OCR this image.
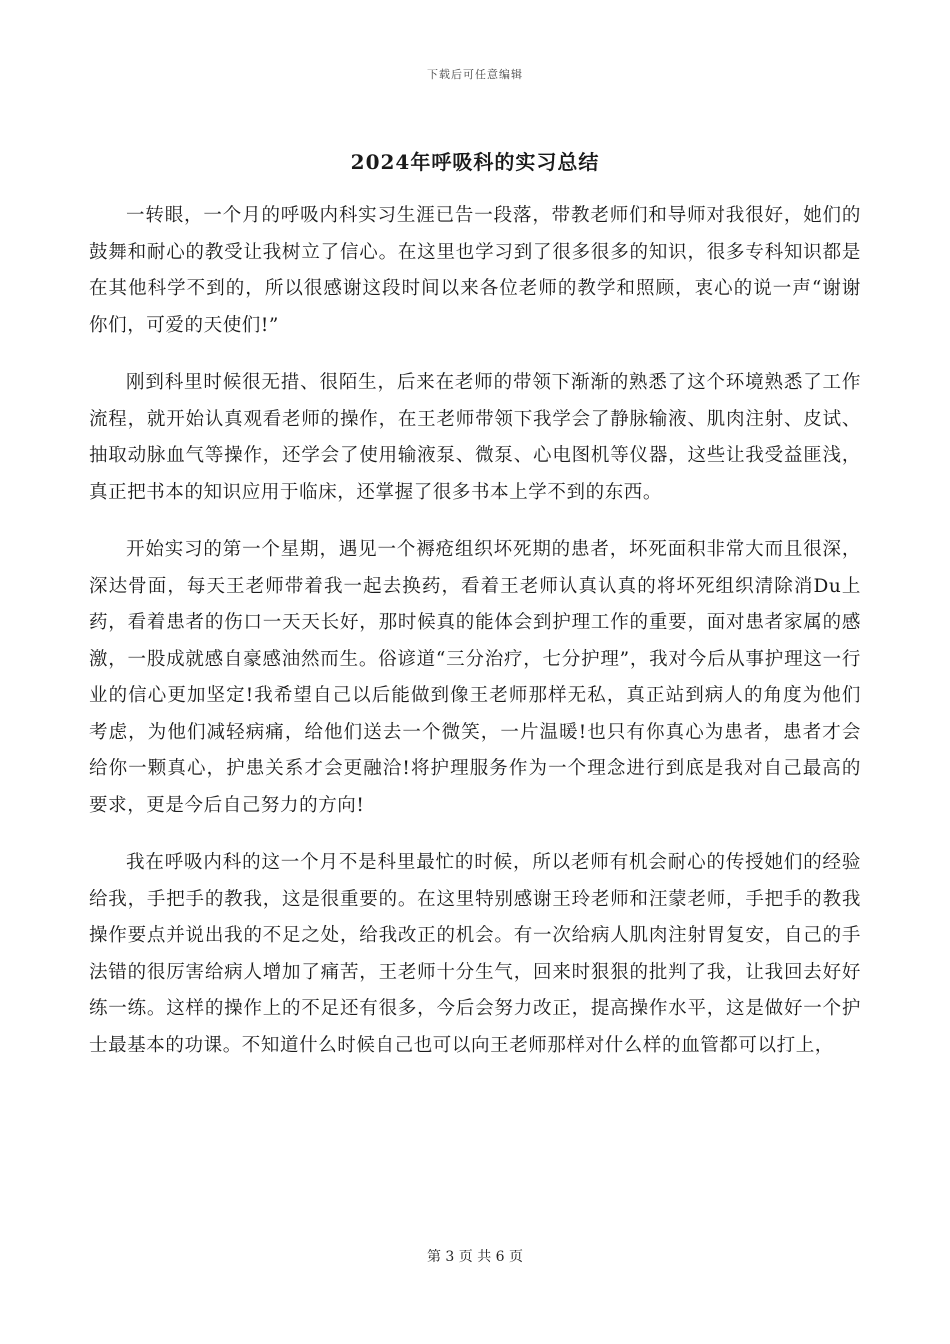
下载后可任意编辑
2024年呼吸科的实习总结

一转眼，一个月的呼吸内科实习生涯已告一段落，带教老师们和导师对我很好，她们的鼓舞和耐心的教受让我树立了信心。在这里也学习到了很多很多的知识，很多专科知识都是在其他科学不到的，所以很感谢这段时间以来各位老师的教学和照顾，衷心的说一声“谢谢你们，可爱的天使们!”

刚到科里时候很无措、很陌生，后来在老师的带领下渐渐的熟悉了这个环境熟悉了工作流程，就开始认真观看老师的操作，在王老师带领下我学会了静脉输液、肌肉注射、皮试、抽取动脉血气等操作，还学会了使用输液泵、微泵、心电图机等仪器，这些让我受益匪浅，真正把书本的知识应用于临床，还掌握了很多书本上学不到的东西。

开始实习的第一个星期，遇见一个褥疮组织坏死期的患者，坏死面积非常大而且很深，深达骨面，每天王老师带着我一起去换药，看着王老师认真认真的将坏死组织清除消Du上药，看着患者的伤口一天天长好，那时候真的能体会到护理工作的重要，面对患者家属的感激，一股成就感自豪感油然而生。俗谚道“三分治疗，七分护理”，我对今后从事护理这一行业的信心更加坚定!我希望自己以后能做到像王老师那样无私，真正站到病人的角度为他们考虑，为他们减轻病痛，给他们送去一个微笑，一片温暖!也只有你真心为患者，患者才会给你一颗真心，护患关系才会更融洽!将护理服务作为一个理念进行到底是我对自己最高的要求，更是今后自己努力的方向!

我在呼吸内科的这一个月不是科里最忙的时候，所以老师有机会耐心的传授她们的经验给我，手把手的教我，这是很重要的。在这里特别感谢王玲老师和汪蒙老师，手把手的教我操作要点并说出我的不足之处，给我改正的机会。有一次给病人肌肉注射胃复安，自己的手法错的很厉害给病人增加了痛苦，王老师十分生气，回来时狠狠的批判了我，让我回去好好练一练。这样的操作上的不足还有很多，今后会努力改正，提高操作水平，这是做好一个护士最基本的功课。不知道什么时候自己也可以向王老师那样对什么样的血管都可以打上，

第 3 页 共 6 页
